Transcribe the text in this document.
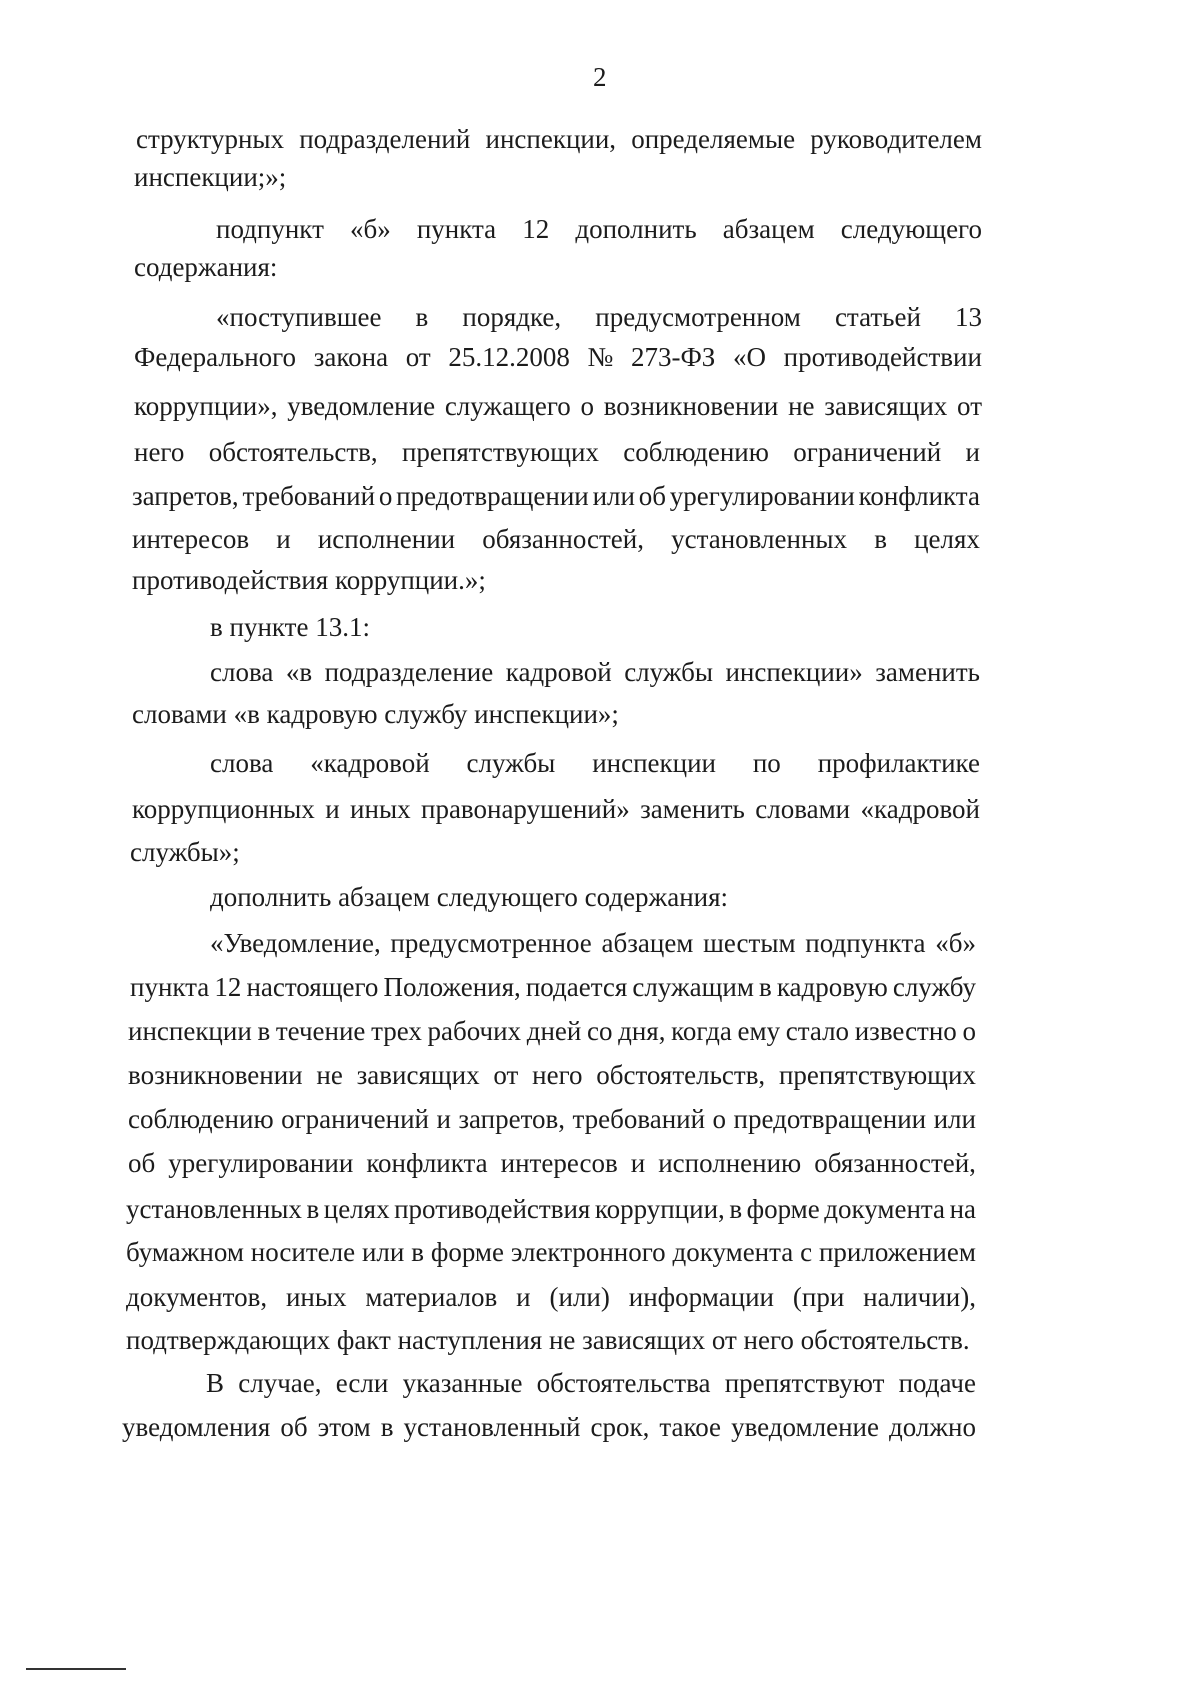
2
структурных подразделений инспекции, определяемые руководителем
инспекции;»;
подпункт «б» пункта 12 дополнить абзацем следующего
содержания:
«поступившее в порядке, предусмотренном статьей 13
Федерального закона от 25.12.2008 № 273-ФЗ «О противодействии
коррупции», уведомление служащего о возникновении не зависящих от
него обстоятельств, препятствующих соблюдению ограничений и
запретов, требований о предотвращении или об урегулировании конфликта
интересов и исполнении обязанностей, установленных в целях
противодействия коррупции.»;
в пункте 13.1:
слова «в подразделение кадровой службы инспекции» заменить
словами «в кадровую службу инспекции»;
слова «кадровой службы инспекции по профилактике
коррупционных и иных правонарушений» заменить словами «кадровой
службы»;
дополнить абзацем следующего содержания:
«Уведомление, предусмотренное абзацем шестым подпункта «б»
пункта 12 настоящего Положения, подается служащим в кадровую службу
инспекции в течение трех рабочих дней со дня, когда ему стало известно о
возникновении не зависящих от него обстоятельств, препятствующих
соблюдению ограничений и запретов, требований о предотвращении или
об урегулировании конфликта интересов и исполнению обязанностей,
установленных в целях противодействия коррупции, в форме документа на
бумажном носителе или в форме электронного документа с приложением
документов, иных материалов и (или) информации (при наличии),
подтверждающих факт наступления не зависящих от него обстоятельств.
В случае, если указанные обстоятельства препятствуют подаче
уведомления об этом в установленный срок, такое уведомление должно
